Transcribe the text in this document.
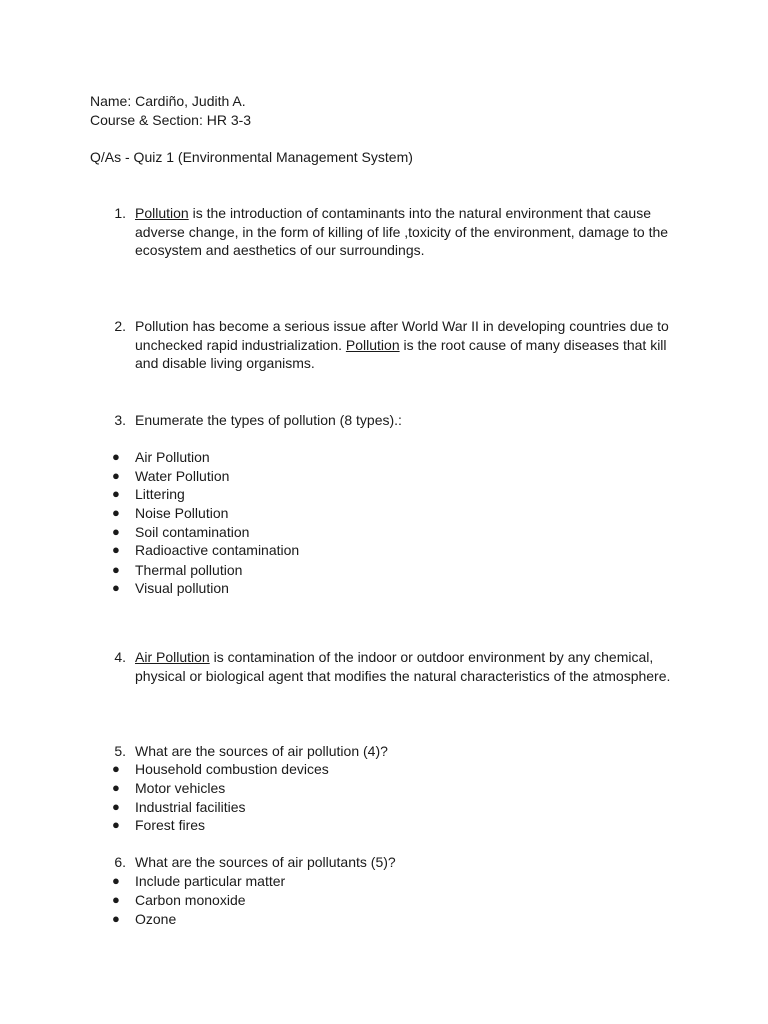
Name: Cardiño, Judith A.

Course & Section: HR 3-3

Q/As - Quiz 1 (Environmental Management System)

1. Pollution is the introduction of contaminants into the natural environment that cause adverse change, in the form of killing of life ,toxicity of the environment, damage to the ecosystem and aesthetics of our surroundings.

2. Pollution has become a serious issue after World War II in developing countries due to unchecked rapid industrialization. Pollution is the root cause of many diseases that kill and disable living organisms.

3. Enumerate the types of pollution (8 types).:

● Air Pollution
● Water Pollution
● Littering
● Noise Pollution
● Soil contamination
● Radioactive contamination
● Thermal pollution
● Visual pollution
4. Air Pollution is contamination of the indoor or outdoor environment by any chemical, physical or biological agent that modifies the natural characteristics of the atmosphere.

5. What are the sources of air pollution (4)?

● Household combustion devices
● Motor vehicles
● Industrial facilities
● Forest fires
6. What are the sources of air pollutants (5)?

● Include particular matter
● Carbon monoxide
● Ozone
